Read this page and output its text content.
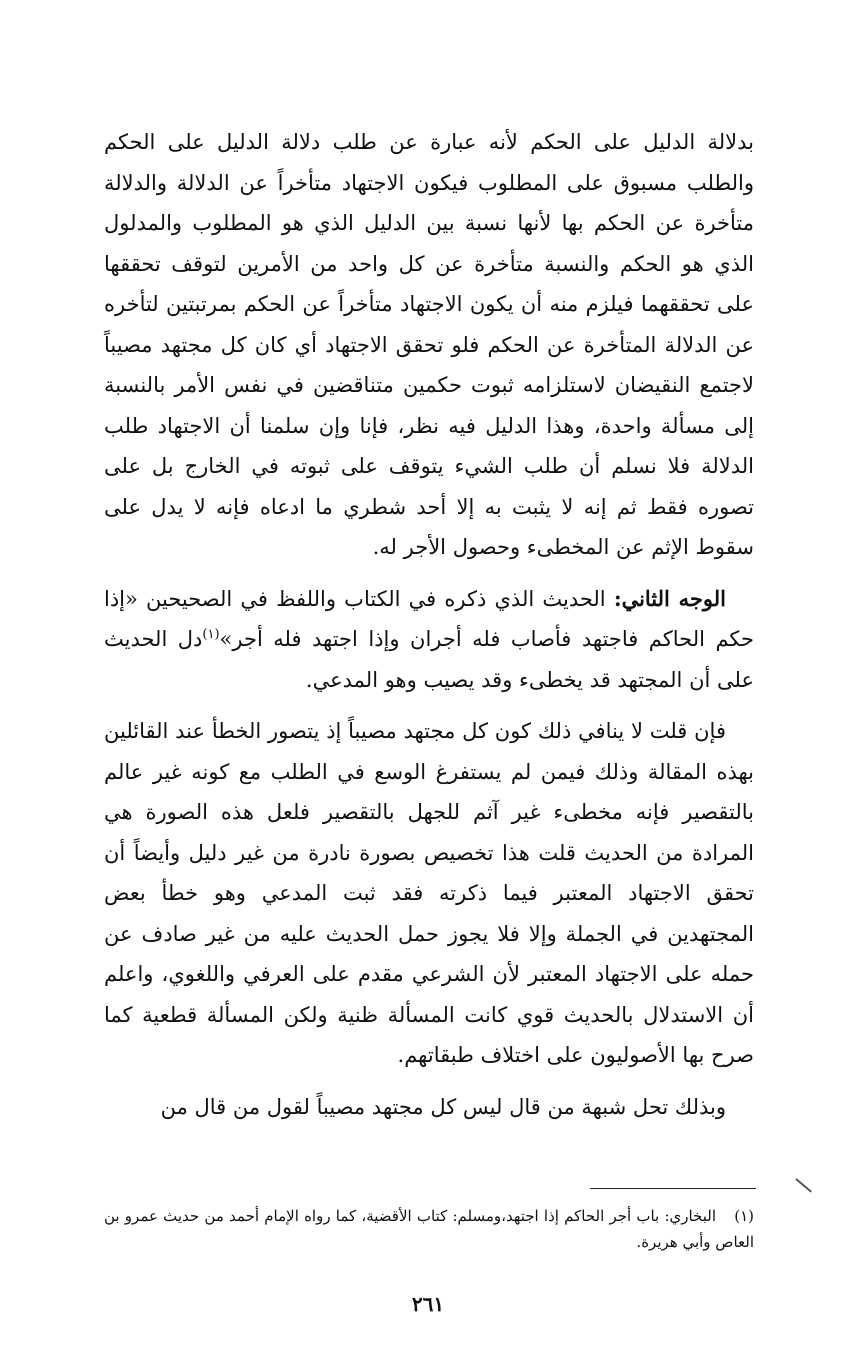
بدلالة الدليل على الحكم لأنه عبارة عن طلب دلالة الدليل على الحكم والطلب مسبوق على المطلوب فيكون الاجتهاد متأخراً عن الدلالة والدلالة متأخرة عن الحكم بها لأنها نسبة بين الدليل الذي هو المطلوب والمدلول الذي هو الحكم والنسبة متأخرة عن كل واحد من الأمرين لتوقف تحققها على تحققهما فيلزم منه أن يكون الاجتهاد متأخراً عن الحكم بمرتبتين لتأخره عن الدلالة المتأخرة عن الحكم فلو تحقق الاجتهاد أي كان كل مجتهد مصيباً لاجتمع النقيضان لاستلزامه ثبوت حكمين متناقضين في نفس الأمر بالنسبة إلى مسألة واحدة، وهذا الدليل فيه نظر، فإنا وإن سلمنا أن الاجتهاد طلب الدلالة فلا نسلم أن طلب الشيء يتوقف على ثبوته في الخارج بل على تصوره فقط ثم إنه لا يثبت به إلا أحد شطري ما ادعاه فإنه لا يدل على سقوط الإثم عن المخطىء وحصول الأجر له.

الوجه الثاني: الحديث الذي ذكره في الكتاب واللفظ في الصحيحين «إذا حكم الحاكم فاجتهد فأصاب فله أجران وإذا اجتهد فله أجر»$^{(١)}$دل الحديث على أن المجتهد قد يخطىء وقد يصيب وهو المدعي.

فإن قلت لا ينافي ذلك كون كل مجتهد مصيباً إذ يتصور الخطأ عند القائلين بهذه المقالة وذلك فيمن لم يستفرغ الوسع في الطلب مع كونه غير عالم بالتقصير فإنه مخطىء غير آثم للجهل بالتقصير فلعل هذه الصورة هي المرادة من الحديث قلت هذا تخصيص بصورة نادرة من غير دليل وأيضاً أن تحقق الاجتهاد المعتبر فيما ذكرته فقد ثبت المدعي وهو خطأ بعض المجتهدين في الجملة وإلا فلا يجوز حمل الحديث عليه من غير صادف عن حمله على الاجتهاد المعتبر لأن الشرعي مقدم على العرفي واللغوي، واعلم أن الاستدلال بالحديث قوي كانت المسألة ظنية ولكن المسألة قطعية كما صرح بها الأصوليون على اختلاف طبقاتهم.

وبذلك تحل شبهة من قال ليس كل مجتهد مصيباً لقول من قال من

(١)البخاري: باب أجر الحاكم إذا اجتهد،ومسلم: كتاب الأقضية، كما رواه الإمام أحمد من حديث عمرو بن العاص وأبي هريرة.
٢٦١
